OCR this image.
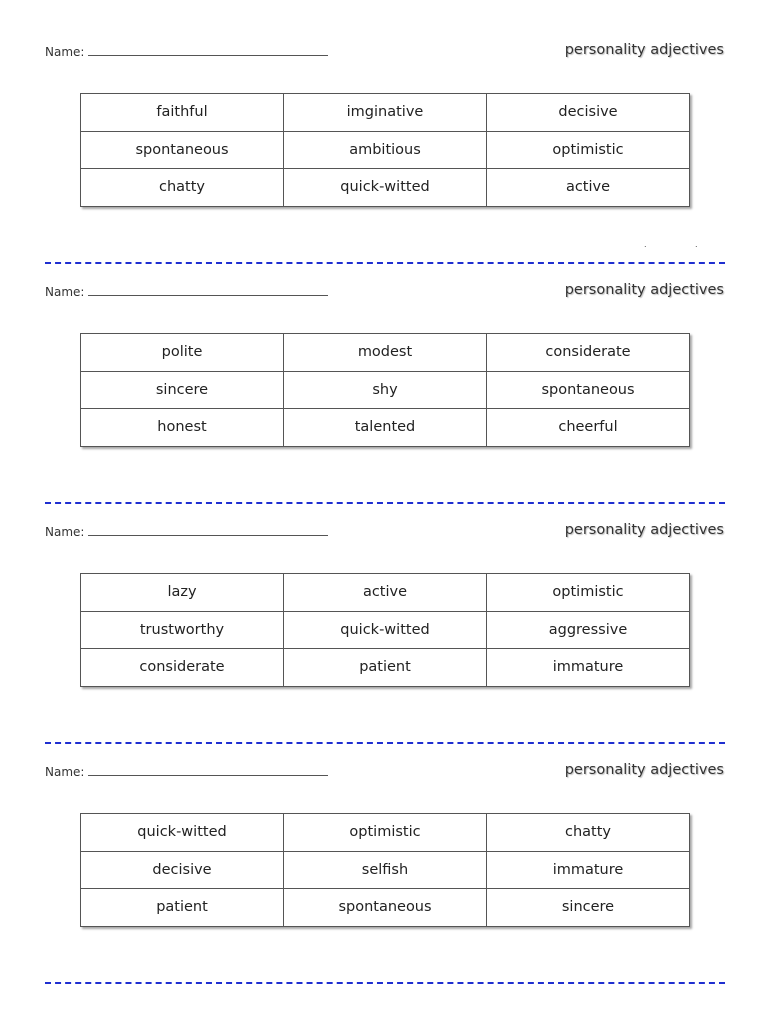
Name:	personality adjectives
faithful	imginative	decisive
spontaneous	ambitious	optimistic
chatty	quick-witted	active
.	.
Name:	personality adjectives
polite	modest	considerate
sincere	shy	spontaneous
honest	talented	cheerful
Name:	personality adjectives
lazy	active	optimistic
trustworthy	quick-witted	aggressive
considerate	patient	immature
Name:	personality adjectives
quick-witted	optimistic	chatty
decisive	selfish	immature
patient	spontaneous	sincere
